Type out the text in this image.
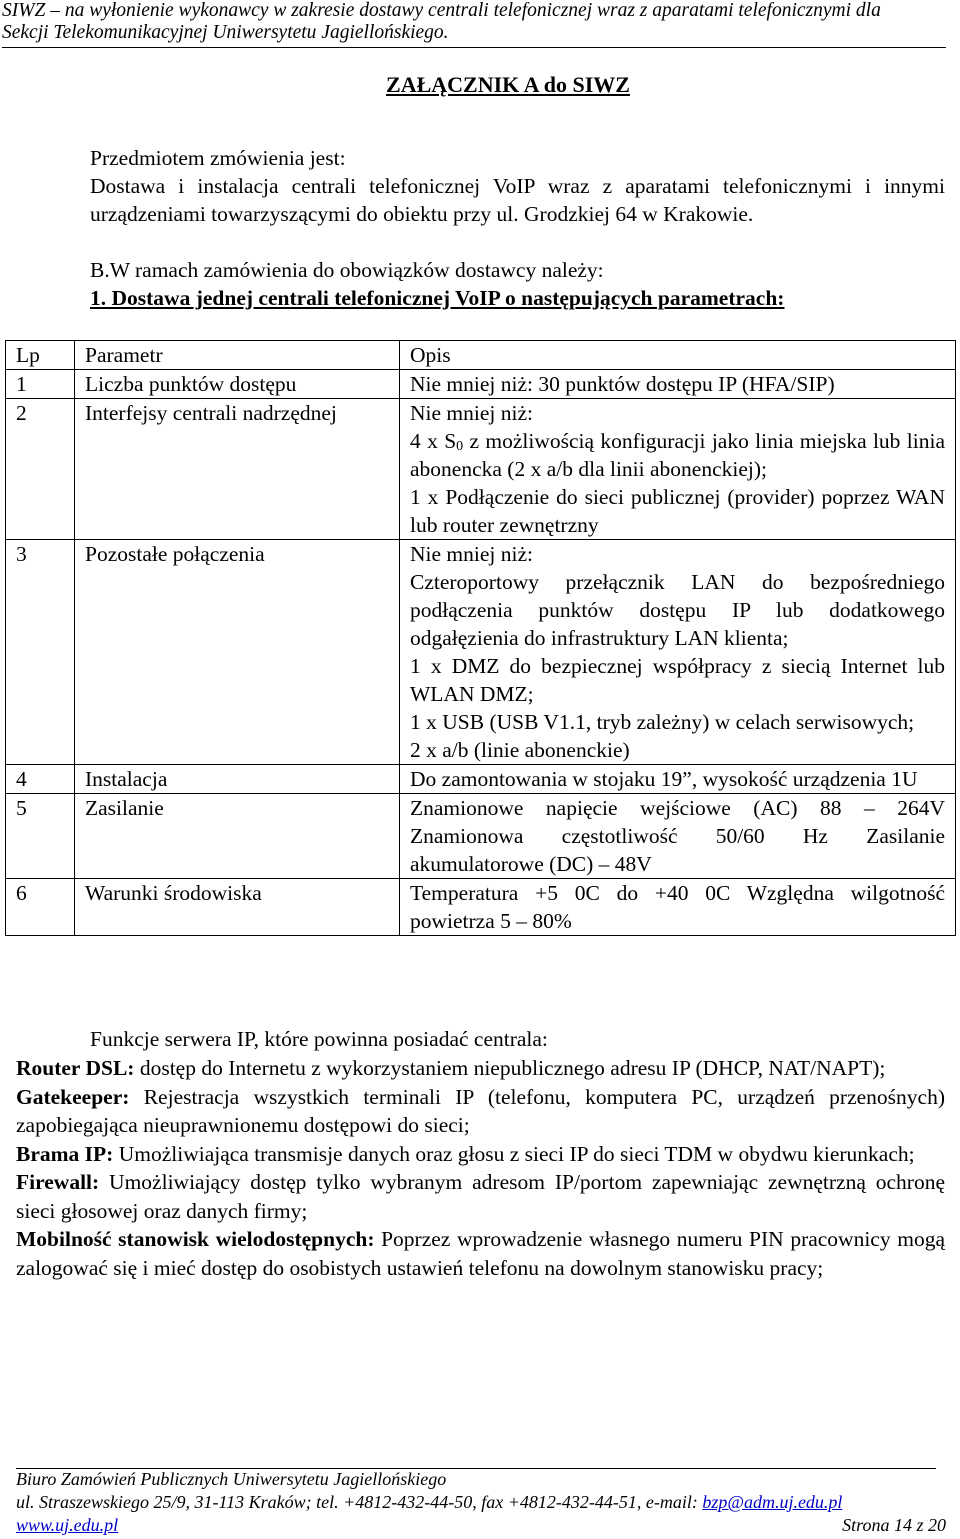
SIWZ – na wyłonienie wykonawcy w zakresie dostawy centrali telefonicznej wraz z aparatami telefonicznymi dla
Sekcji Telekomunikacyjnej Uniwersytetu Jagiellońskiego.
ZAŁĄCZNIK A do SIWZ

Przedmiotem zmówienia jest:

Dostawa i instalacja centrali telefonicznej VoIP wraz z aparatami telefonicznymi i innymi urządzeniami towarzyszącymi do obiektu przy ul. Grodzkiej 64 w Krakowie.

B.W ramach zamówienia do obowiązków dostawcy należy:
1. Dostawa jednej centrali telefonicznej VoIP o następujących parametrach:
Lp	Parametr	Opis
1	Liczba punktów dostępu	Nie mniej niż: 30 punktów dostępu IP (HFA/SIP)

2	Interfejsy centrali nadrzędnej	Nie mniej niż:
4 x $S_0$ z możliwością konfiguracji jako linia miejska lub linia abonencka (2 x a/b dla linii abonenckiej);
1 x Podłączenie do sieci publicznej (provider) poprzez WAN lub router zewnętrzny

3	Pozostałe połączenia	Nie mniej niż:
Czteroportowy przełącznik LAN do bezpośredniego podłączenia punktów dostępu IP lub dodatkowego odgałęzienia do infrastruktury LAN klienta;
1 x DMZ do bezpiecznej współpracy z siecią Internet lub WLAN DMZ;
1 x USB (USB V1.1, tryb zależny) w celach serwisowych;
2 x a/b (linie abonenckie)

4	Instalacja	Do zamontowania w stojaku 19”, wysokość urządzenia 1U

5	Zasilanie	Znamionowe napięcie wejściowe (AC) 88 – 264V Znamionowa częstotliwość 50/60 Hz Zasilanie akumulatorowe (DC) – 48V

6	Warunki środowiska	Temperatura +5 0C do +40 0C Względna wilgotność powietrza 5 – 80%
Funkcje serwera IP, które powinna posiadać centrala:

Router DSL: dostęp do Internetu z wykorzystaniem niepublicznego adresu IP (DHCP, NAT/NAPT);

Gatekeeper: Rejestracja wszystkich terminali IP (telefonu, komputera PC, urządzeń przenośnych) zapobiegająca nieuprawnionemu dostępowi do sieci;

Brama IP: Umożliwiająca transmisje danych oraz głosu z sieci IP do sieci TDM w obydwu kierunkach;

Firewall: Umożliwiający dostęp tylko wybranym adresom IP/portom zapewniając zewnętrzną ochronę sieci głosowej oraz danych firmy;

Mobilność stanowisk wielodostępnych: Poprzez wprowadzenie własnego numeru PIN pracownicy mogą zalogować się i mieć dostęp do osobistych ustawień telefonu na dowolnym stanowisku pracy;

Biuro Zamówień Publicznych Uniwersytetu Jagiellońskiego
ul. Straszewskiego 25/9, 31-113 Kraków; tel. +4812-432-44-50, fax +4812-432-44-51, e-mail: bzp@adm.uj.edu.pl
www.uj.edu.pl	Strona 14 z 20
